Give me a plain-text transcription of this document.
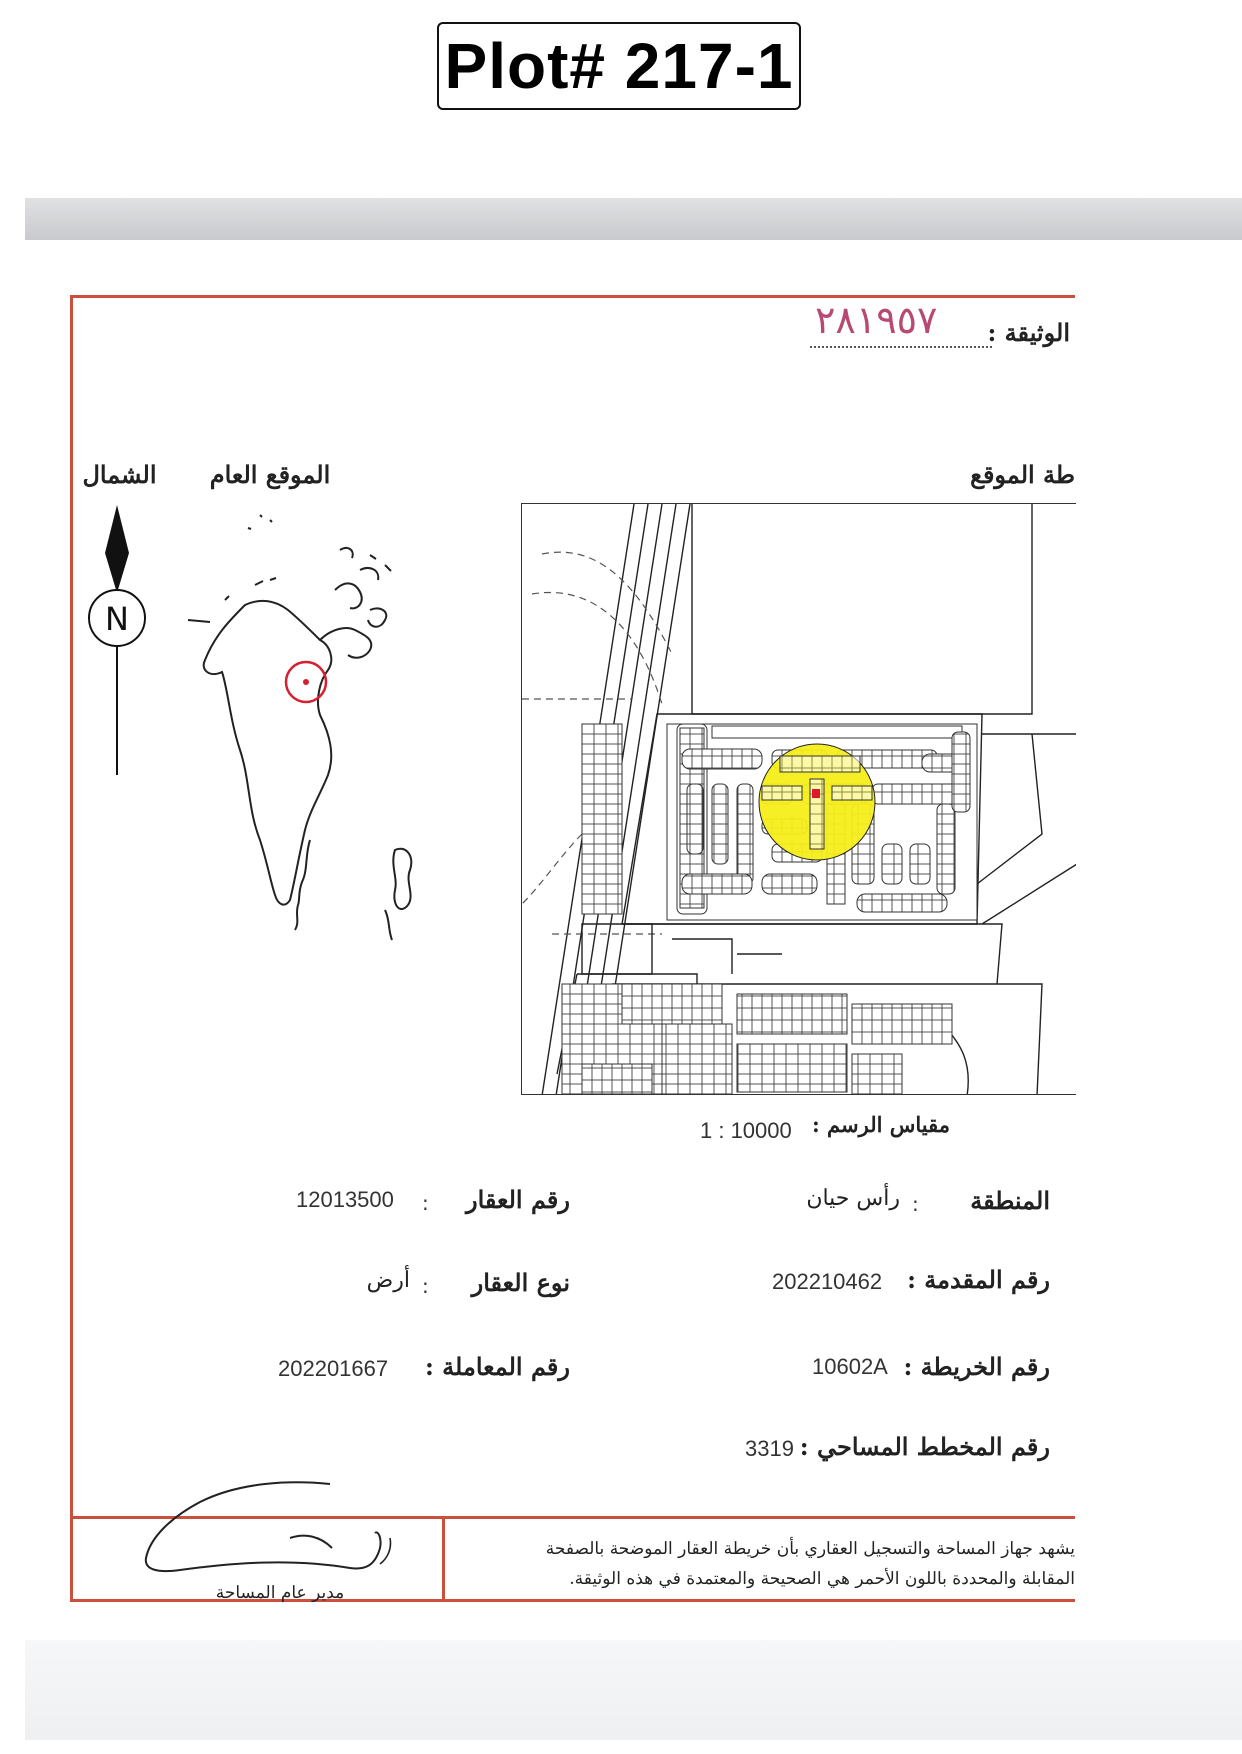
Plot# 217-1
الوثيقة :
٢٨١٩٥٧
طة الموقع
الموقع العام
الشمال
N
مقياس الرسم :
1 : 10000
المنطقة
:
رأس حيان
رقم المقدمة :
202210462
رقم الخريطة :
10602A
رقم المخطط المساحي :
3319
رقم العقار
:
12013500
نوع العقار
:
أرض
رقم المعاملة :
202201667
مدير عام المساحة
يشهد جهاز المساحة والتسجيل العقاري بأن خريطة العقار الموضحة بالصفحة
المقابلة والمحددة باللون الأحمر هي الصحيحة والمعتمدة في هذه الوثيقة.
